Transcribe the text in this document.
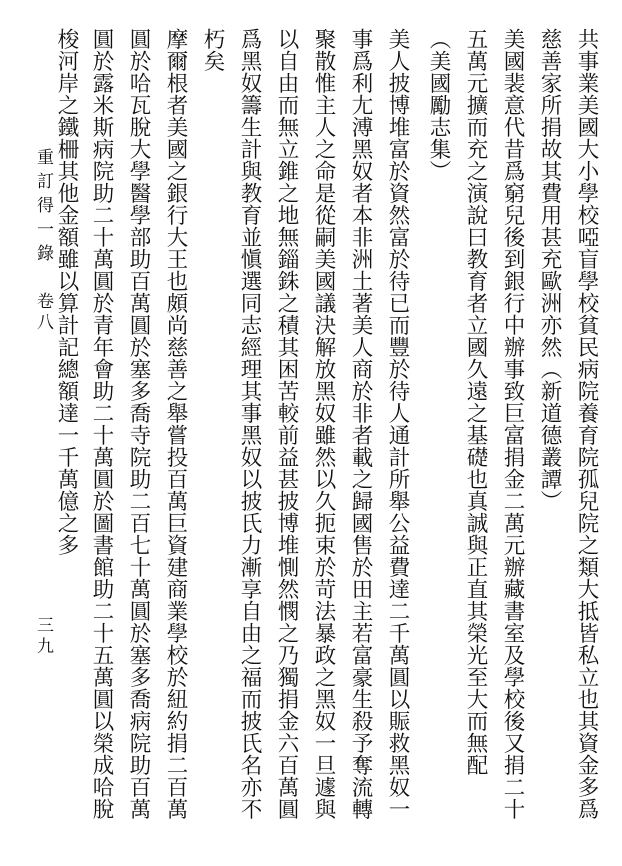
重訂得一錄
卷八
三九	共事業美國大小學校啞盲學校貧民病院養育院孤兒院之類大抵皆私立也其資金多爲
慈善家所捐故其費用甚充歐洲亦然（新道德叢譚）
美國裴意代昔爲窮兒後到銀行中辦事致巨富捐金二萬元辦藏書室及學校後又捐二十
五萬元擴而充之演說曰教育者立國久遠之基礎也真誠與正直其榮光至大而無配
（美國勵志集）
美人披博堆富於資然富於待已而豐於待人通計所舉公益費達二千萬圓以賑救黑奴一
事爲利尢溥黑奴者本非洲土著美人商於非者載之歸國售於田主若富豪生殺予奪流轉
聚散惟主人之命是從嗣美國議決解放黑奴雖然以久扼束於苛法暴政之黑奴一旦遽與
以自由而無立錐之地無錙銖之積其困苦較前益甚披博堆惻然憫之乃獨捐金六百萬圓
爲黑奴籌生計與教育並愼選同志經理其事黑奴以披氏力漸享自由之福而披氏名亦不
朽矣
摩爾根者美國之銀行大王也頗尚慈善之舉嘗投百萬巨資建商業學校於紐約捐二百萬
圓於哈瓦脫大學醫學部助百萬圓於塞多喬寺院助二百七十萬圓於塞多喬病院助百萬
圓於露米斯病院助二十萬圓於青年會助二十萬圓於圖書館助二十五萬圓以榮成哈脫
梭河岸之鐵柵其他金額雖以算計記總額達一千萬億之多
